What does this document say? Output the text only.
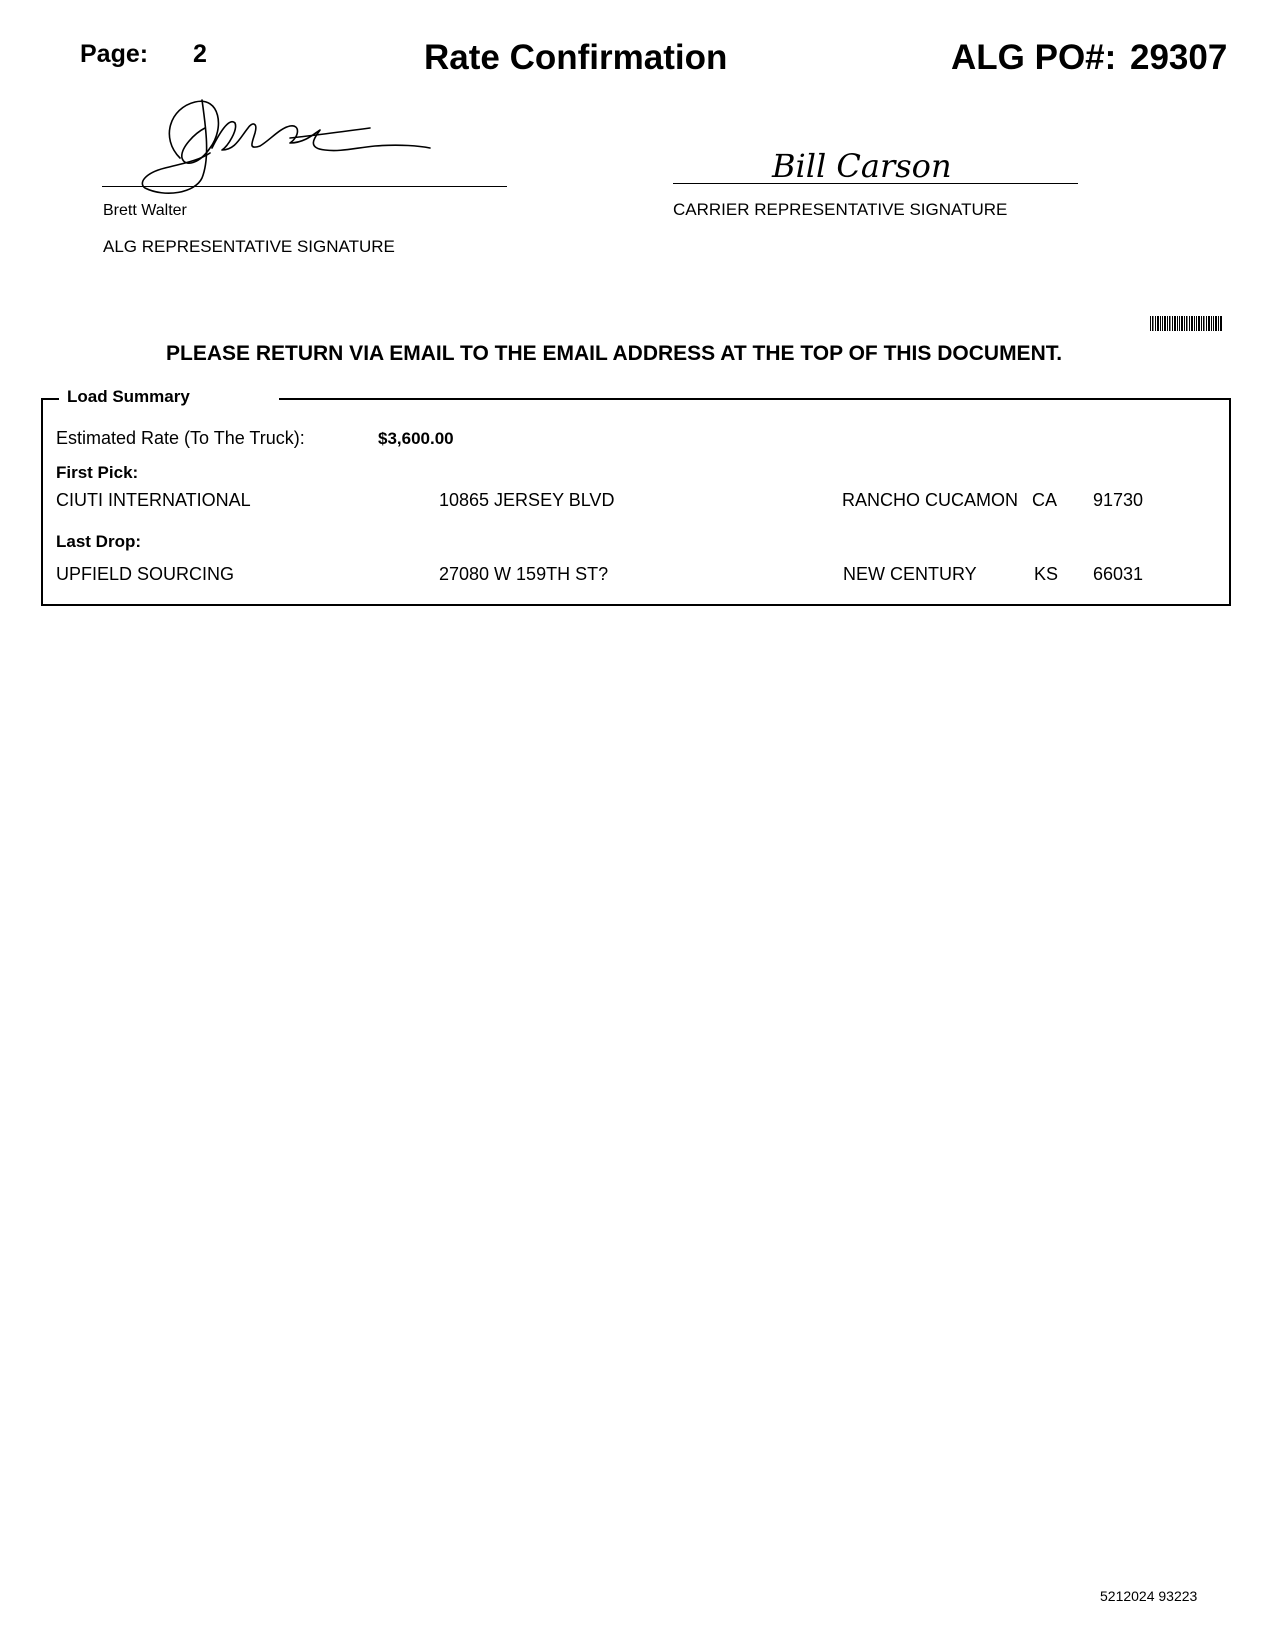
Page: 2	Rate Confirmation	ALG PO#: 29307
Brett Walter
ALG REPRESENTATIVE SIGNATURE
Bill Carson
CARRIER REPRESENTATIVE SIGNATURE
PLEASE RETURN VIA EMAIL TO THE EMAIL ADDRESS AT THE TOP OF THIS DOCUMENT.
Load Summary
Estimated Rate (To The Truck):	$3,600.00
First Pick:
CIUTI INTERNATIONAL	10865 JERSEY BLVD	RANCHO CUCAMON CA 91730
Last Drop:
UPFIELD SOURCING	27080 W 159TH ST?	NEW CENTURY	KS 66031
5212024 93223
